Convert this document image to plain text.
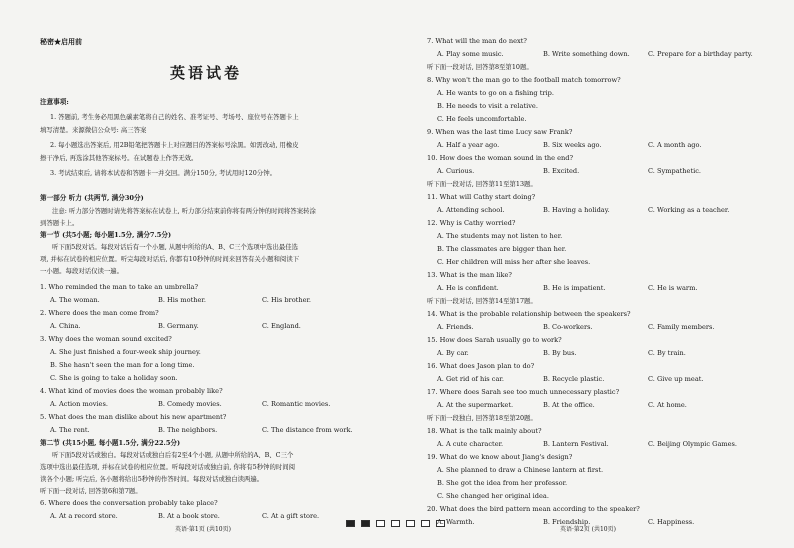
秘密★启用前
英语试卷
注意事项:
1. 答题前, 考生务必用黑色碳素笔将自己的姓名、准考证号、考场号、座位号在答题卡上
填写清楚。来源微信公众号: 高三答案
2. 每小题选出答案后, 用2B铅笔把答题卡上对应题目的答案标号涂黑。如需改动, 用橡皮
擦干净后, 再选涂其他答案标号。在试题卷上作答无效。
3. 考试结束后, 请将本试卷和答题卡一并交回。满分150分, 考试用时120分钟。
第一部分 听力 (共两节, 满分30分)
注意: 听力部分答题时请先将答案标在试卷上, 听力部分结束前你将有两分钟的时间将答案转涂
到答题卡上。
第一节 (共5小题; 每小题1.5分, 满分7.5分)
听下面5段对话。每段对话后有一个小题, 从题中所给的A、B、C三个选项中选出最佳选
项, 并标在试卷的相应位置。听完每段对话后, 你都有10秒钟的时间来回答有关小题和阅读下
一小题。每段对话仅读一遍。
1. Who reminded the man to take an umbrella?
A. The woman.	B. His mother.	C. His brother.
2. Where does the man come from?
A. China.	B. Germany.	C. England.
3. Why does the woman sound excited?
A. She just finished a four-week ship journey.
B. She hasn't seen the man for a long time.
C. She is going to take a holiday soon.
4. What kind of movies does the woman probably like?
A. Action movies.	B. Comedy movies.	C. Romantic movies.
5. What does the man dislike about his new apartment?
A. The rent.	B. The neighbors.	C. The distance from work.
第二节 (共15小题, 每小题1.5分, 满分22.5分)
听下面5段对话或独白。每段对话或独白后有2至4个小题, 从题中所给的A、B、C三个
选项中选出最佳选项, 并标在试卷的相应位置。听每段对话或独白前, 你将有5秒钟的时间阅
读各个小题; 听完后, 各小题将给出5秒钟的作答时间。每段对话或独白读两遍。
听下面一段对话, 回答第6和第7题。
6. Where does the conversation probably take place?
A. At a record store.	B. At a book store.	C. At a gift store.
英语·第1页 (共10页)
7. What will the man do next?
A. Play some music.	B. Write something down.	C. Prepare for a birthday party.
听下面一段对话, 回答第8至第10题。
8. Why won't the man go to the football match tomorrow?
A. He wants to go on a fishing trip.
B. He needs to visit a relative.
C. He feels uncomfortable.
9. When was the last time Lucy saw Frank?
A. Half a year ago.	B. Six weeks ago.	C. A month ago.
10. How does the woman sound in the end?
A. Curious.	B. Excited.	C. Sympathetic.
听下面一段对话, 回答第11至第13题。
11. What will Cathy start doing?
A. Attending school.	B. Having a holiday.	C. Working as a teacher.
12. Why is Cathy worried?
A. The students may not listen to her.
B. The classmates are bigger than her.
C. Her children will miss her after she leaves.
13. What is the man like?
A. He is confident.	B. He is impatient.	C. He is warm.
听下面一段对话, 回答第14至第17题。
14. What is the probable relationship between the speakers?
A. Friends.	B. Co-workers.	C. Family members.
15. How does Sarah usually go to work?
A. By car.	B. By bus.	C. By train.
16. What does Jason plan to do?
A. Get rid of his car.	B. Recycle plastic.	C. Give up meat.
17. Where does Sarah see too much unnecessary plastic?
A. At the supermarket.	B. At the office.	C. At home.
听下面一段独白, 回答第18至第20题。
18. What is the talk mainly about?
A. A cute character.	B. Lantern Festival.	C. Beijing Olympic Games.
19. What do we know about Jiang's design?
A. She planned to draw a Chinese lantern at first.
B. She got the idea from her professor.
C. She changed her original idea.
20. What does the bird pattern mean according to the speaker?
A. Warmth.	B. Friendship.	C. Happiness.
英语·第2页 (共10页)
